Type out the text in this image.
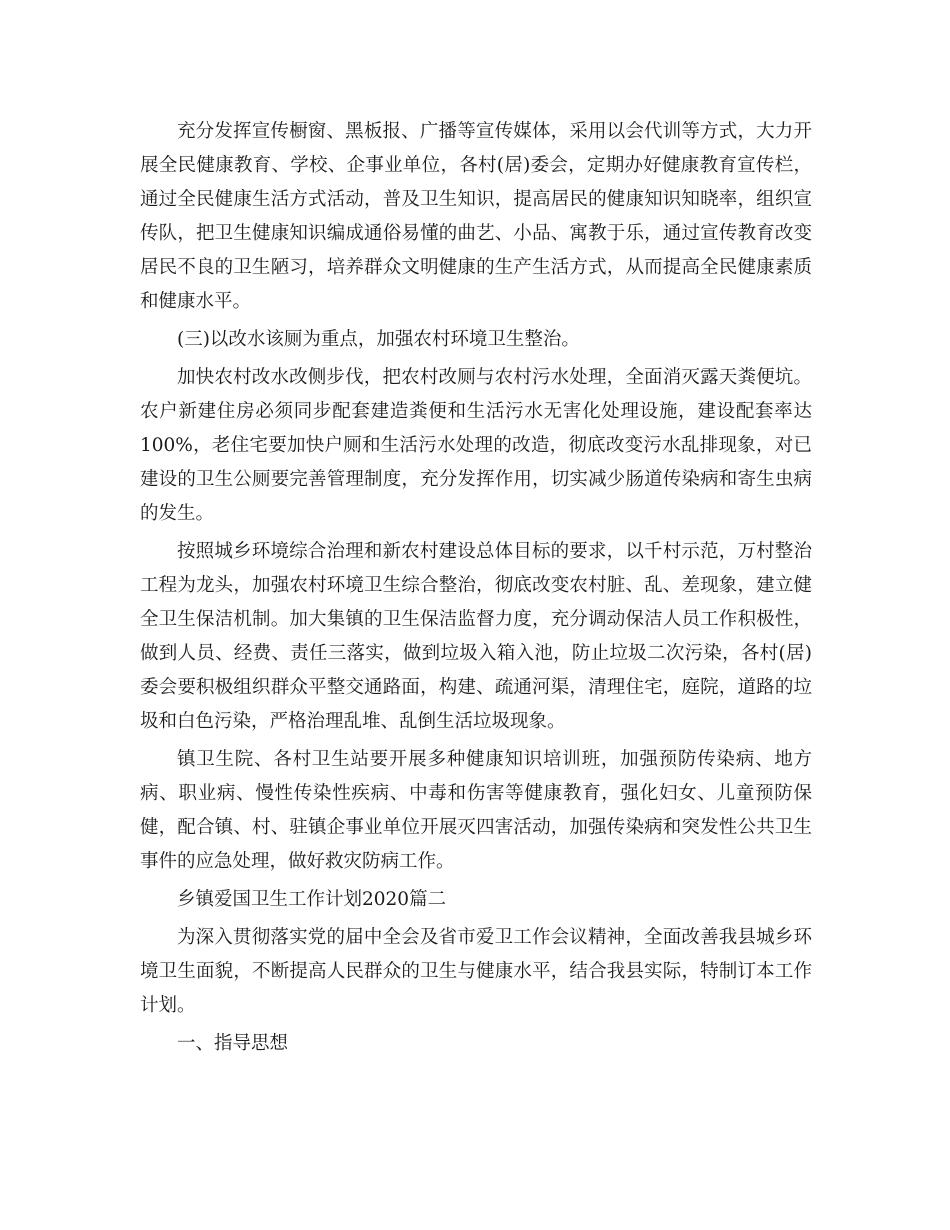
充分发挥宣传橱窗、黑板报、广播等宣传媒体，采用以会代训等方式，大力开展全民健康教育、学校、企事业单位，各村(居)委会，定期办好健康教育宣传栏，通过全民健康生活方式活动，普及卫生知识，提高居民的健康知识知晓率，组织宣传队，把卫生健康知识编成通俗易懂的曲艺、小品、寓教于乐，通过宣传教育改变居民不良的卫生陋习，培养群众文明健康的生产生活方式，从而提高全民健康素质和健康水平。

(三)以改水该厕为重点，加强农村环境卫生整治。

加快农村改水改侧步伐，把农村改厕与农村污水处理，全面消灭露天粪便坑。农户新建住房必须同步配套建造粪便和生活污水无害化处理设施，建设配套率达100%，老住宅要加快户厕和生活污水处理的改造，彻底改变污水乱排现象，对已建设的卫生公厕要完善管理制度，充分发挥作用，切实减少肠道传染病和寄生虫病的发生。

按照城乡环境综合治理和新农村建设总体目标的要求，以千村示范，万村整治工程为龙头，加强农村环境卫生综合整治，彻底改变农村脏、乱、差现象，建立健全卫生保洁机制。加大集镇的卫生保洁监督力度，充分调动保洁人员工作积极性，做到人员、经费、责任三落实，做到垃圾入箱入池，防止垃圾二次污染，各村(居)委会要积极组织群众平整交通路面，构建、疏通河渠，清理住宅，庭院，道路的垃圾和白色污染，严格治理乱堆、乱倒生活垃圾现象。

镇卫生院、各村卫生站要开展多种健康知识培训班，加强预防传染病、地方病、职业病、慢性传染性疾病、中毒和伤害等健康教育，强化妇女、儿童预防保健，配合镇、村、驻镇企事业单位开展灭四害活动，加强传染病和突发性公共卫生事件的应急处理，做好救灾防病工作。

乡镇爱国卫生工作计划2020篇二

为深入贯彻落实党的届中全会及省市爱卫工作会议精神，全面改善我县城乡环境卫生面貌，不断提高人民群众的卫生与健康水平，结合我县实际，特制订本工作计划。

一、指导思想
